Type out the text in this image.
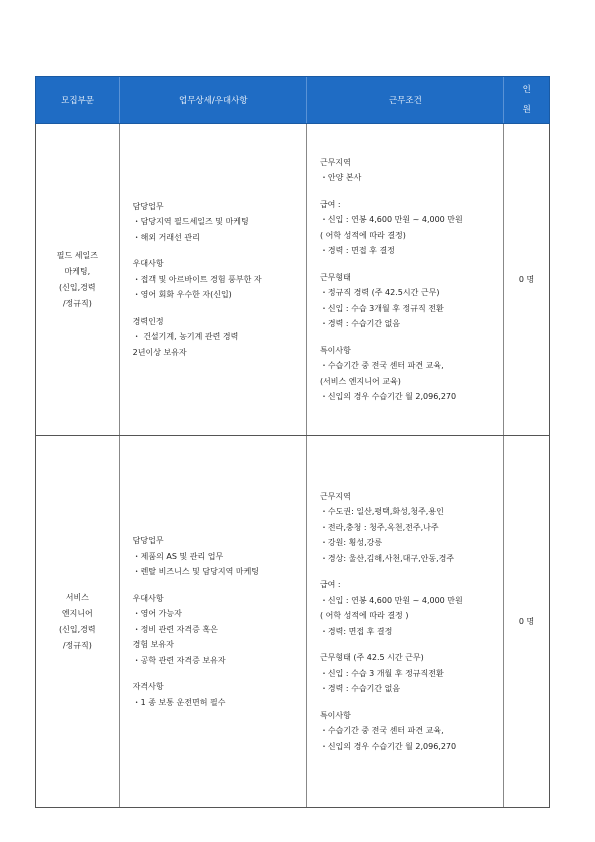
모집부문	업무상세/우대사항	근무조건
인
원
필드 세일즈
마케팅,
(신입,경력
/정규직)
담당업무
・담당지역 필드세일즈 및 마케팅
・해외 거래선 관리
우대사항
・접객 및 아르바이트 경험 풍부한 자
・영어 회화 우수한 자(신입)
경력인정
・ 건설기계, 농기계 관련 경력
2년이상 보유자
근무지역
・안양 본사
급여 :
・신입 : 연봉 4,600 만원 ~ 4,000 만원
( 어학 성적에 따라 결정)
・경력 : 면접 후 결정
근무형태
・정규직 경력 (주 42.5시간 근무)
・신입 : 수습 3개월 후 정규직 전환
・경력 : 수습기간 없음
특이사항
・수습기간 중 전국 센터 파견 교육,
(서비스 엔지니어 교육)
・신입의 경우 수습기간 월 2,096,270
0 명
서비스
엔지니어
(신입,경력
/정규직)
담당업무
・제품의 AS 및 관리 업무
・렌탈 비즈니스 및 담당지역 마케팅
우대사항
・영어 가능자
・정비 관련 자격증 혹은
경험 보유자
・공학 관련 자격증 보유자
자격사항
・1 종 보통 운전면허 필수
근무지역
・수도권: 일산,평택,화성,청주,용인
・전라,충청 : 청주,옥천,전주,나주
・강원: 횡성,강릉
・경상: 울산,김해,사천,대구,안동,경주
급여 :
・신입 : 연봉 4,600 만원 ~ 4,000 만원
( 어학 성적에 따라 결정 )
・경력: 면접 후 결정
근무형태 (주 42.5 시간 근무)
・신입 : 수습 3 개월 후 정규직전환
・경력 : 수습기간 없음
특이사항
・수습기간 중 전국 센터 파견 교육,
・신입의 경우 수습기간 월 2,096,270
0 명
